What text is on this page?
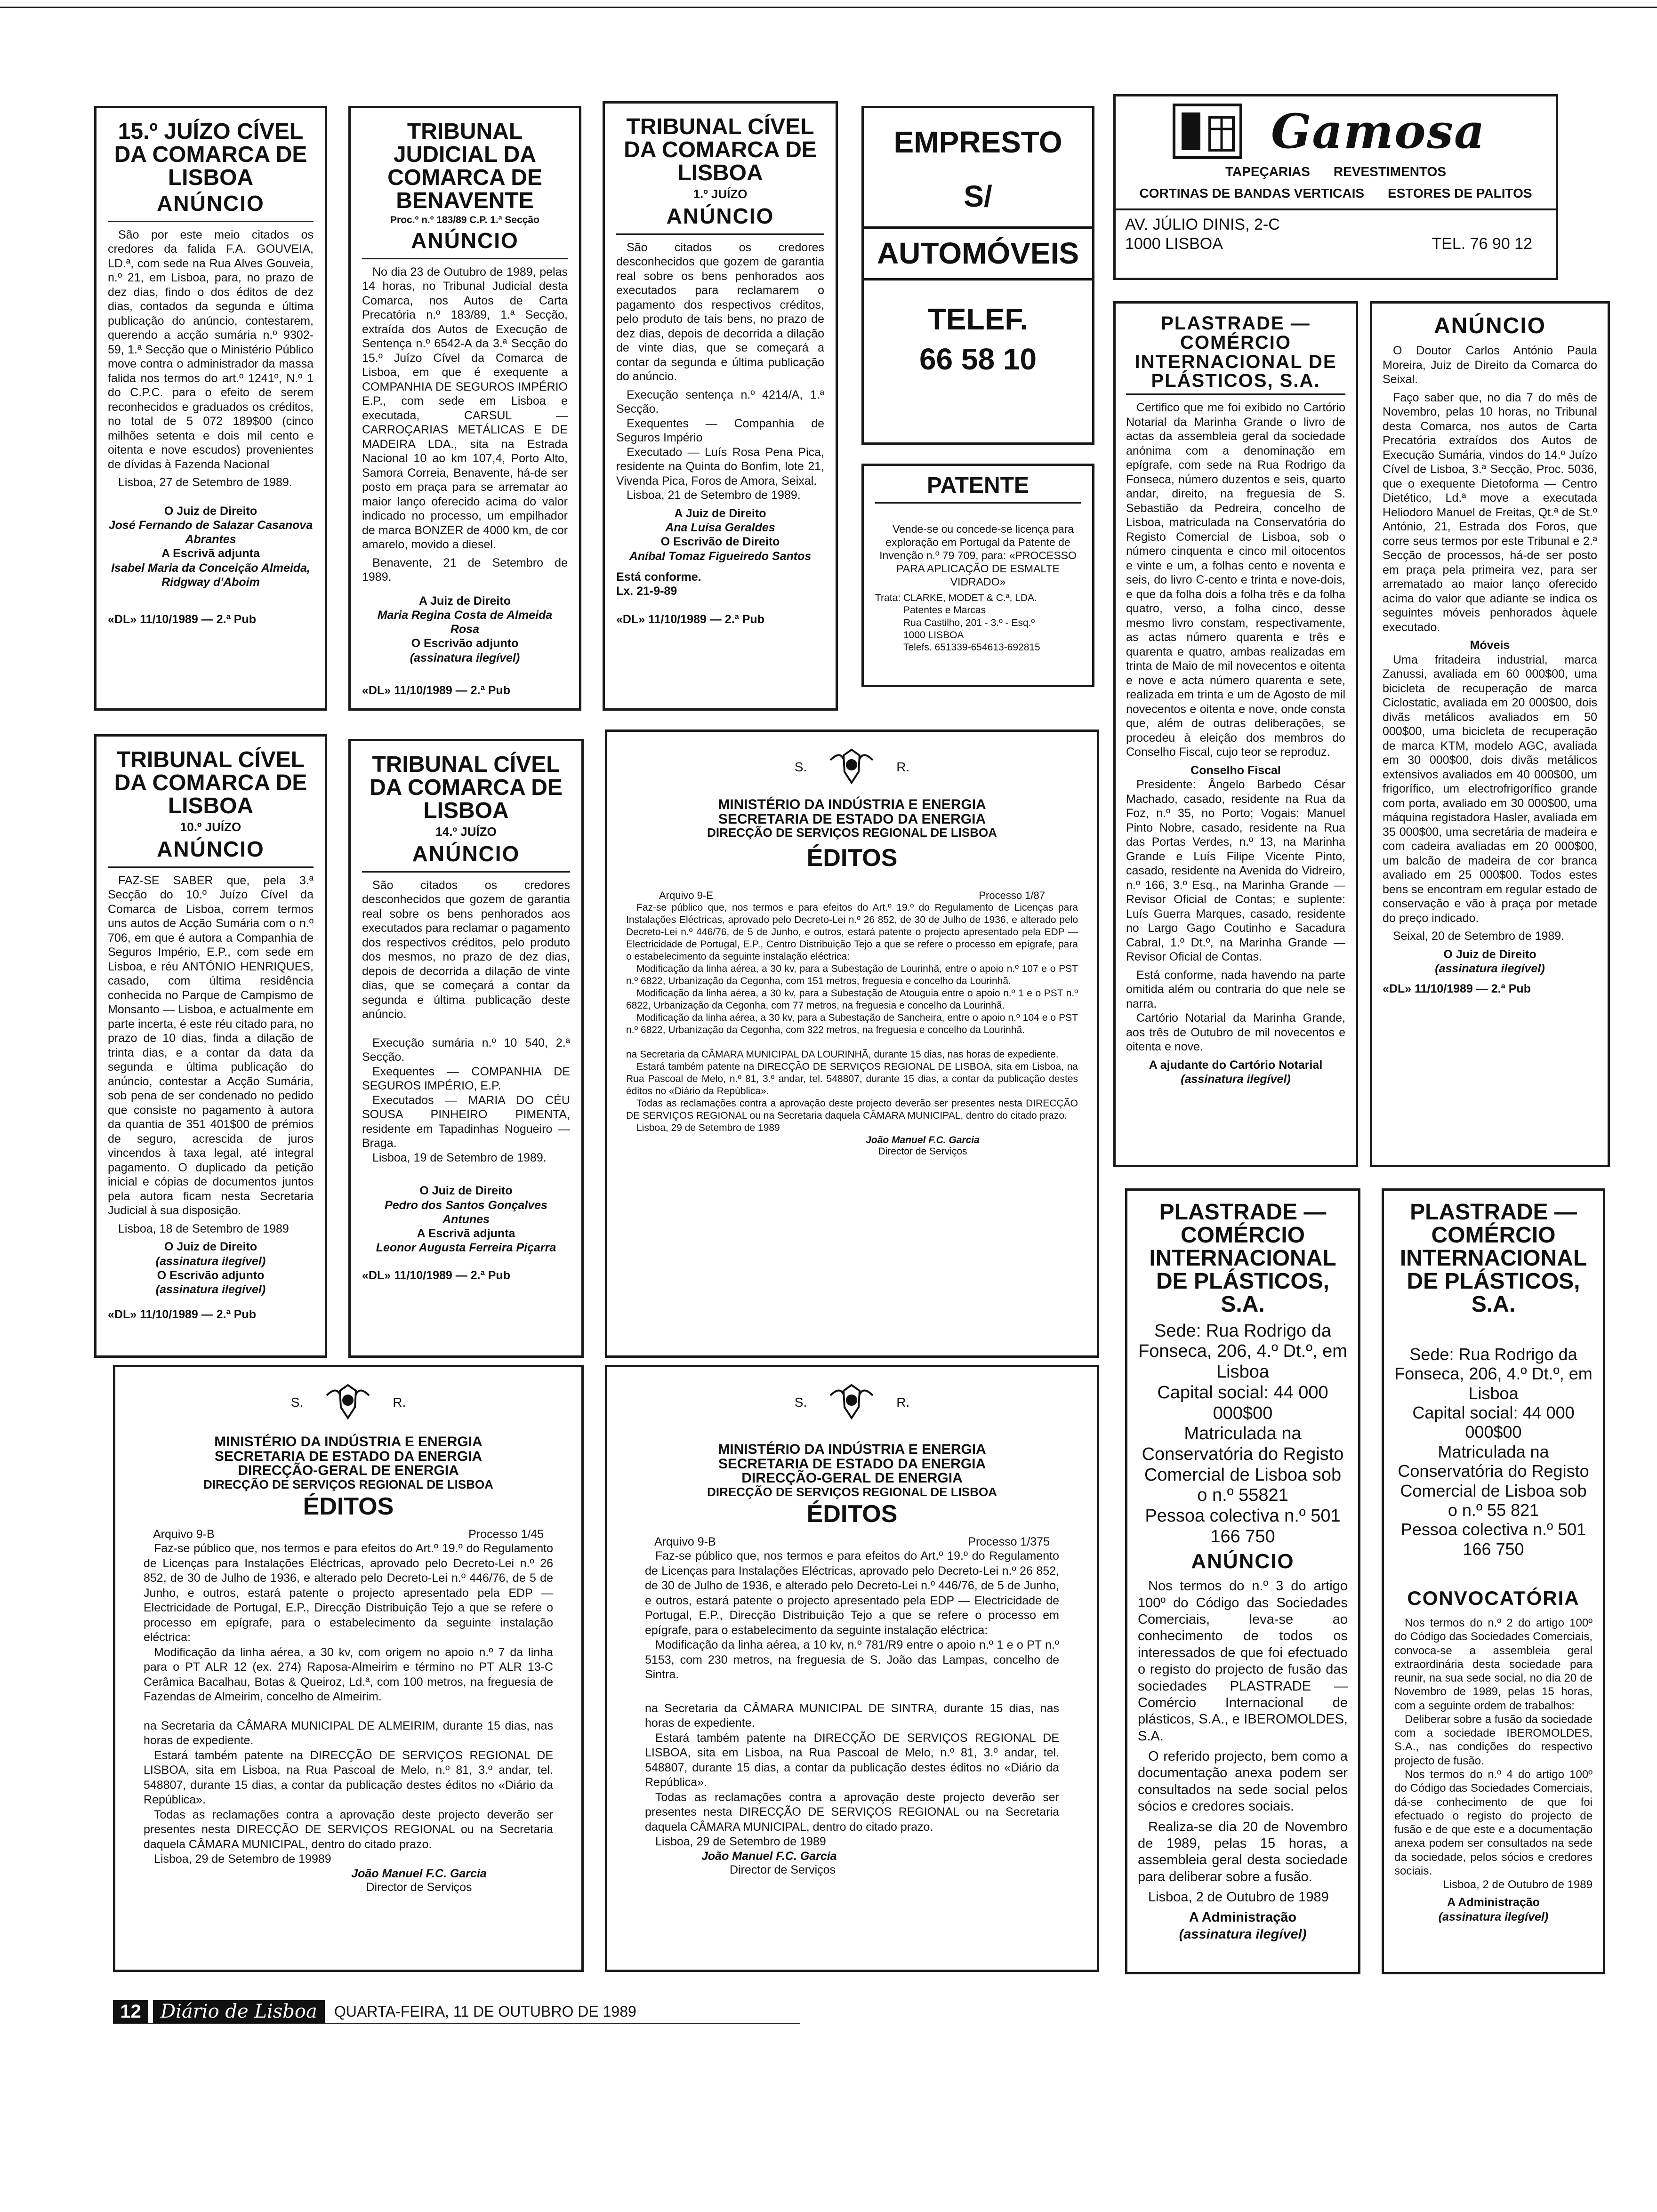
15.º JUÍZO CÍVEL DA COMARCA DE LISBOA
ANÚNCIO

São por este meio citados os credores da falida F.A. GOUVEIA, LD.ª, com sede na Rua Alves Gouveia, n.º 21, em Lisboa, para, no prazo de dez dias, findo o dos éditos de dez dias, contados da segunda e última publicação do anúncio, contestarem, querendo a acção sumária n.º 9302-59, 1.ª Secção que o Ministério Público move contra o administrador da massa falida nos termos do art.º 1241º, N.º 1 do C.P.C. para o efeito de serem reconhecidos e graduados os créditos, no total de 5 072 189$00 (cinco milhões setenta e dois mil cento e oitenta e nove escudos) provenientes de dívidas à Fazenda Nacional

Lisboa, 27 de Setembro de 1989.

O Juiz de Direito
José Fernando de Salazar Casanova Abrantes
A Escrivã adjunta
Isabel Maria da Conceição Almeida, Ridgway d'Aboim
«DL» 11/10/1989 — 2.ª Pub
TRIBUNAL JUDICIAL DA COMARCA DE BENAVENTE
Proc.º n.º 183/89 C.P. 1.ª Secção
ANÚNCIO

No dia 23 de Outubro de 1989, pelas 14 horas, no Tribunal Judicial desta Comarca, nos Autos de Carta Precatória n.º 183/89, 1.ª Secção, extraída dos Autos de Execução de Sentença n.º 6542-A da 3.ª Secção do 15.º Juízo Cível da Comarca de Lisboa, em que é exequente a COMPANHIA DE SEGUROS IMPÉRIO E.P., com sede em Lisboa e executada, CARSUL — CARROÇARIAS METÁLICAS E DE MADEIRA LDA., sita na Estrada Nacional 10 ao km 107,4, Porto Alto, Samora Correia, Benavente, há-de ser posto em praça para se arrematar ao maior lanço oferecido acima do valor indicado no processo, um empilhador de marca BONZER de 4000 km, de cor amarelo, movido a diesel.

Benavente, 21 de Setembro de 1989.

A Juiz de Direito
Maria Regina Costa de Almeida Rosa
O Escrivão adjunto
(assinatura ilegível)
«DL» 11/10/1989 — 2.ª Pub
TRIBUNAL CÍVEL DA COMARCA DE LISBOA
1.º JUÍZO
ANÚNCIO

São citados os credores desconhecidos que gozem de garantia real sobre os bens penhorados aos executados para reclamarem o pagamento dos respectivos créditos, pelo produto de tais bens, no prazo de dez dias, depois de decorrida a dilação de vinte dias, que se começará a contar da segunda e última publicação do anúncio.

Execução sentença n.º 4214/A, 1.ª Secção.

Exequentes — Companhia de Seguros Império

Executado — Luís Rosa Pena Pica, residente na Quinta do Bonfim, lote 21, Vivenda Pica, Foros de Amora, Seixal.

Lisboa, 21 de Setembro de 1989.

A Juiz de Direito
Ana Luísa Geraldes
O Escrivão de Direito
Aníbal Tomaz Figueiredo Santos
Está conforme.
Lx. 21-9-89
«DL» 11/10/1989 — 2.ª Pub
EMPRESTO
S/
AUTOMÓVEIS
TELEF.
66 58 10
PATENTE

Vende-se ou concede-se licença para exploração em Portugal da Patente de Invenção n.º 79 709, para: «PROCESSO PARA APLICAÇÃO DE ESMALTE VIDRADO»

Trata: CLARKE, MODET & C.ª, LDA.
Patentes e Marcas
Rua Castilho, 201 - 3.º - Esq.º
1000 LISBOA
Telefs. 651339-654613-692815
Gamosa
TAPEÇARIAS REVESTIMENTOS
CORTINAS DE BANDAS VERTICAIS ESTORES DE PALITOS
AV. JÚLIO DINIS, 2-C
1000 LISBOA	TEL. 76 90 12
PLASTRADE — COMÉRCIO INTERNACIONAL DE PLÁSTICOS, S.A.

Certifico que me foi exibido no Cartório Notarial da Marinha Grande o livro de actas da assembleia geral da sociedade anónima com a denominação em epígrafe, com sede na Rua Rodrigo da Fonseca, número duzentos e seis, quarto andar, direito, na freguesia de S. Sebastião da Pedreira, concelho de Lisboa, matriculada na Conservatória do Registo Comercial de Lisboa, sob o número cinquenta e cinco mil oitocentos e vinte e um, a folhas cento e noventa e seis, do livro C-cento e trinta e nove-dois, e que da folha dois a folha três e da folha quatro, verso, a folha cinco, desse mesmo livro constam, respectivamente, as actas número quarenta e três e quarenta e quatro, ambas realizadas em trinta de Maio de mil novecentos e oitenta e nove e acta número quarenta e sete, realizada em trinta e um de Agosto de mil novecentos e oitenta e nove, onde consta que, além de outras deliberações, se procedeu à eleição dos membros do Conselho Fiscal, cujo teor se reproduz.

Conselho Fiscal

Presidente: Ângelo Barbedo César Machado, casado, residente na Rua da Foz, n.º 35, no Porto; Vogais: Manuel Pinto Nobre, casado, residente na Rua das Portas Verdes, n.º 13, na Marinha Grande e Luís Filipe Vicente Pinto, casado, residente na Avenida do Vidreiro, n.º 166, 3.º Esq., na Marinha Grande — Revisor Oficial de Contas; e suplente: Luís Guerra Marques, casado, residente no Largo Gago Coutinho e Sacadura Cabral, 1.º Dt.º, na Marinha Grande — Revisor Oficial de Contas.

Está conforme, nada havendo na parte omitida além ou contraria do que nele se narra.

Cartório Notarial da Marinha Grande, aos três de Outubro de mil novecentos e oitenta e nove.

A ajudante do Cartório Notarial
(assinatura ilegível)
ANÚNCIO

O Doutor Carlos António Paula Moreira, Juiz de Direito da Comarca do Seixal.

Faço saber que, no dia 7 do mês de Novembro, pelas 10 horas, no Tribunal desta Comarca, nos autos de Carta Precatória extraídos dos Autos de Execução Sumária, vindos do 14.º Juízo Cível de Lisboa, 3.ª Secção, Proc. 5036, que o exequente Dietoforma — Centro Dietético, Ld.ª move a executada Heliodoro Manuel de Freitas, Qt.ª de St.º António, 21, Estrada dos Foros, que corre seus termos por este Tribunal e 2.ª Secção de processos, há-de ser posto em praça pela primeira vez, para ser arrematado ao maior lanço oferecido acima do valor que adiante se indica os seguintes móveis penhorados àquele executado.

Móveis

Uma fritadeira industrial, marca Zanussi, avaliada em 60 000$00, uma bicicleta de recuperação de marca Ciclostatic, avaliada em 20 000$00, dois divãs metálicos avaliados em 50 000$00, uma bicicleta de recuperação de marca KTM, modelo AGC, avaliada em 30 000$00, dois divãs metálicos extensivos avaliados em 40 000$00, um frigorífico, um electrofrigorífico grande com porta, avaliado em 30 000$00, uma máquina registadora Hasler, avaliada em 35 000$00, uma secretária de madeira e com cadeira avaliadas em 20 000$00, um balcão de madeira de cor branca avaliado em 25 000$00. Todos estes bens se encontram em regular estado de conservação e vão à praça por metade do preço indicado.

Seixal, 20 de Setembro de 1989.

O Juiz de Direito
(assinatura ilegível)
«DL» 11/10/1989 — 2.ª Pub
TRIBUNAL CÍVEL DA COMARCA DE LISBOA
10.º JUÍZO
ANÚNCIO

FAZ-SE SABER que, pela 3.ª Secção do 10.º Juízo Cível da Comarca de Lisboa, correm termos uns autos de Acção Sumária com o n.º 706, em que é autora a Companhia de Seguros Império, E.P., com sede em Lisboa, e réu ANTÓNIO HENRIQUES, casado, com última residência conhecida no Parque de Campismo de Monsanto — Lisboa, e actualmente em parte incerta, é este réu citado para, no prazo de 10 dias, finda a dilação de trinta dias, e a contar da data da segunda e última publicação do anúncio, contestar a Acção Sumária, sob pena de ser condenado no pedido que consiste no pagamento à autora da quantia de 351 401$00 de prémios de seguro, acrescida de juros vincendos à taxa legal, até integral pagamento. O duplicado da petição inicial e cópias de documentos juntos pela autora ficam nesta Secretaria Judicial à sua disposição.

Lisboa, 18 de Setembro de 1989

O Juiz de Direito
(assinatura ilegível)
O Escrivão adjunto
(assinatura ilegível)
«DL» 11/10/1989 — 2.ª Pub
TRIBUNAL CÍVEL DA COMARCA DE LISBOA
14.º JUÍZO
ANÚNCIO

São citados os credores desconhecidos que gozem de garantia real sobre os bens penhorados aos executados para reclamar o pagamento dos respectivos créditos, pelo produto dos mesmos, no prazo de dez dias, depois de decorrida a dilação de vinte dias, que se começará a contar da segunda e última publicação deste anúncio.

Execução sumária n.º 10 540, 2.ª Secção.

Exequentes — COMPANHIA DE SEGUROS IMPÉRIO, E.P.

Executados — MARIA DO CÉU SOUSA PINHEIRO PIMENTA, residente em Tapadinhas Nogueiro — Braga.

Lisboa, 19 de Setembro de 1989.

O Juiz de Direito
Pedro dos Santos Gonçalves Antunes
A Escrivã adjunta
Leonor Augusta Ferreira Piçarra
«DL» 11/10/1989 — 2.ª Pub
S.	R.
MINISTÉRIO DA INDÚSTRIA E ENERGIA
SECRETARIA DE ESTADO DA ENERGIA
DIRECÇÃO DE SERVIÇOS REGIONAL DE LISBOA
ÉDITOS
Arquivo 9-E	Processo 1/87

Faz-se público que, nos termos e para efeitos do Art.º 19.º do Regulamento de Licenças para Instalações Eléctricas, aprovado pelo Decreto-Lei n.º 26 852, de 30 de Julho de 1936, e alterado pelo Decreto-Lei n.º 446/76, de 5 de Junho, e outros, estará patente o projecto apresentado pela EDP — Electricidade de Portugal, E.P., Centro Distribuição Tejo a que se refere o processo em epígrafe, para o estabelecimento da seguinte instalação eléctrica:

Modificação da linha aérea, a 30 kv, para a Subestação de Lourinhã, entre o apoio n.º 107 e o PST n.º 6822, Urbanização da Cegonha, com 151 metros, freguesia e concelho da Lourinhã.

Modificação da linha aérea, a 30 kv, para a Subestação de Atouguia entre o apoio n.º 1 e o PST n.º 6822, Urbanização da Cegonha, com 77 metros, na freguesia e concelho da Lourinhã.

Modificação da linha aérea, a 30 kv, para a Subestação de Sancheira, entre o apoio n.º 104 e o PST n.º 6822, Urbanização da Cegonha, com 322 metros, na freguesia e concelho da Lourinhã.

na Secretaria da CÂMARA MUNICIPAL DA LOURINHÃ, durante 15 dias, nas horas de expediente.

Estará também patente na DIRECÇÃO DE SERVIÇOS REGIONAL DE LISBOA, sita em Lisboa, na Rua Pascoal de Melo, n.º 81, 3.º andar, tel. 548807, durante 15 dias, a contar da publicação destes éditos no «Diário da República».

Todas as reclamações contra a aprovação deste projecto deverão ser presentes nesta DIRECÇÃO DE SERVIÇOS REGIONAL ou na Secretaria daquela CÂMARA MUNICIPAL, dentro do citado prazo.

Lisboa, 29 de Setembro de 1989

João Manuel F.C. Garcia
Director de Serviços
PLASTRADE — COMÉRCIO INTERNACIONAL DE PLÁSTICOS, S.A.
Sede: Rua Rodrigo da Fonseca, 206, 4.º Dt.º, em Lisboa
Capital social: 44 000 000$00
Matriculada na Conservatória do Registo Comercial de Lisboa sob o n.º 55821
Pessoa colectiva n.º 501 166 750
ANÚNCIO

Nos termos do n.º 3 do artigo 100º do Código das Sociedades Comerciais, leva-se ao conhecimento de todos os interessados de que foi efectuado o registo do projecto de fusão das sociedades PLASTRADE — Comércio Internacional de plásticos, S.A., e IBEROMOLDES, S.A.

O referido projecto, bem como a documentação anexa podem ser consultados na sede social pelos sócios e credores sociais.

Realiza-se dia 20 de Novembro de 1989, pelas 15 horas, a assembleia geral desta sociedade para deliberar sobre a fusão.

Lisboa, 2 de Outubro de 1989

A Administração
(assinatura ilegível)
PLASTRADE — COMÉRCIO INTERNACIONAL DE PLÁSTICOS, S.A.
Sede: Rua Rodrigo da Fonseca, 206, 4.º Dt.º, em Lisboa
Capital social: 44 000 000$00
Matriculada na Conservatória do Registo Comercial de Lisboa sob o n.º 55 821
Pessoa colectiva n.º 501 166 750
CONVOCATÓRIA

Nos termos do n.º 2 do artigo 100º do Código das Sociedades Comerciais, convoca-se a assembleia geral extraordinária desta sociedade para reunir, na sua sede social, no dia 20 de Novembro de 1989, pelas 15 horas, com a seguinte ordem de trabalhos:

Deliberar sobre a fusão da sociedade com a sociedade IBEROMOLDES, S.A., nas condições do respectivo projecto de fusão.

Nos termos do n.º 4 do artigo 100º do Código das Sociedades Comerciais, dá-se conhecimento de que foi efectuado o registo do projecto de fusão e de que este e a documentação anexa podem ser consultados na sede da sociedade, pelos sócios e credores sociais.

Lisboa, 2 de Outubro de 1989

A Administração
(assinatura ilegível)
S.	R.
MINISTÉRIO DA INDÚSTRIA E ENERGIA
SECRETARIA DE ESTADO DA ENERGIA
DIRECÇÃO-GERAL DE ENERGIA
DIRECÇÃO DE SERVIÇOS REGIONAL DE LISBOA
ÉDITOS
Arquivo 9-B	Processo 1/45

Faz-se público que, nos termos e para efeitos do Art.º 19.º do Regulamento de Licenças para Instalações Eléctricas, aprovado pelo Decreto-Lei n.º 26 852, de 30 de Julho de 1936, e alterado pelo Decreto-Lei n.º 446/76, de 5 de Junho, e outros, estará patente o projecto apresentado pela EDP — Electricidade de Portugal, E.P., Direcção Distribuição Tejo a que se refere o processo em epígrafe, para o estabelecimento da seguinte instalação eléctrica:

Modificação da linha aérea, a 30 kv, com origem no apoio n.º 7 da linha para o PT ALR 12 (ex. 274) Raposa-Almeirim e término no PT ALR 13-C Cerâmica Bacalhau, Botas & Queiroz, Ld.ª, com 100 metros, na freguesia de Fazendas de Almeirim, concelho de Almeirim.

na Secretaria da CÂMARA MUNICIPAL DE ALMEIRIM, durante 15 dias, nas horas de expediente.

Estará também patente na DIRECÇÃO DE SERVIÇOS REGIONAL DE LISBOA, sita em Lisboa, na Rua Pascoal de Melo, n.º 81, 3.º andar, tel. 548807, durante 15 dias, a contar da publicação destes éditos no «Diário da República».

Todas as reclamações contra a aprovação deste projecto deverão ser presentes nesta DIRECÇÃO DE SERVIÇOS REGIONAL ou na Secretaria daquela CÂMARA MUNICIPAL, dentro do citado prazo.

Lisboa, 29 de Setembro de 19989

João Manuel F.C. Garcia
Director de Serviços
S.	R.
MINISTÉRIO DA INDÚSTRIA E ENERGIA
SECRETARIA DE ESTADO DA ENERGIA
DIRECÇÃO-GERAL DE ENERGIA
DIRECÇÃO DE SERVIÇOS REGIONAL DE LISBOA
ÉDITOS
Arquivo 9-B	Processo 1/375

Faz-se público que, nos termos e para efeitos do Art.º 19.º do Regulamento de Licenças para Instalações Eléctricas, aprovado pelo Decreto-Lei n.º 26 852, de 30 de Julho de 1936, e alterado pelo Decreto-Lei n.º 446/76, de 5 de Junho, e outros, estará patente o projecto apresentado pela EDP — Electricidade de Portugal, E.P., Direcção Distribuição Tejo a que se refere o processo em epígrafe, para o estabelecimento da seguinte instalação eléctrica:

Modificação da linha aérea, a 10 kv, n.º 781/R9 entre o apoio n.º 1 e o PT n.º 5153, com 230 metros, na freguesia de S. João das Lampas, concelho de Sintra.

na Secretaria da CÂMARA MUNICIPAL DE SINTRA, durante 15 dias, nas horas de expediente.

Estará também patente na DIRECÇÃO DE SERVIÇOS REGIONAL DE LISBOA, sita em Lisboa, na Rua Pascoal de Melo, n.º 81, 3.º andar, tel. 548807, durante 15 dias, a contar da publicação destes éditos no «Diário da República».

Todas as reclamações contra a aprovação deste projecto deverão ser presentes nesta DIRECÇÃO DE SERVIÇOS REGIONAL ou na Secretaria daquela CÂMARA MUNICIPAL, dentro do citado prazo.

Lisboa, 29 de Setembro de 1989

João Manuel F.C. Garcia
Director de Serviços
12	Diário de Lisboa	QUARTA-FEIRA, 11 DE OUTUBRO DE 1989
